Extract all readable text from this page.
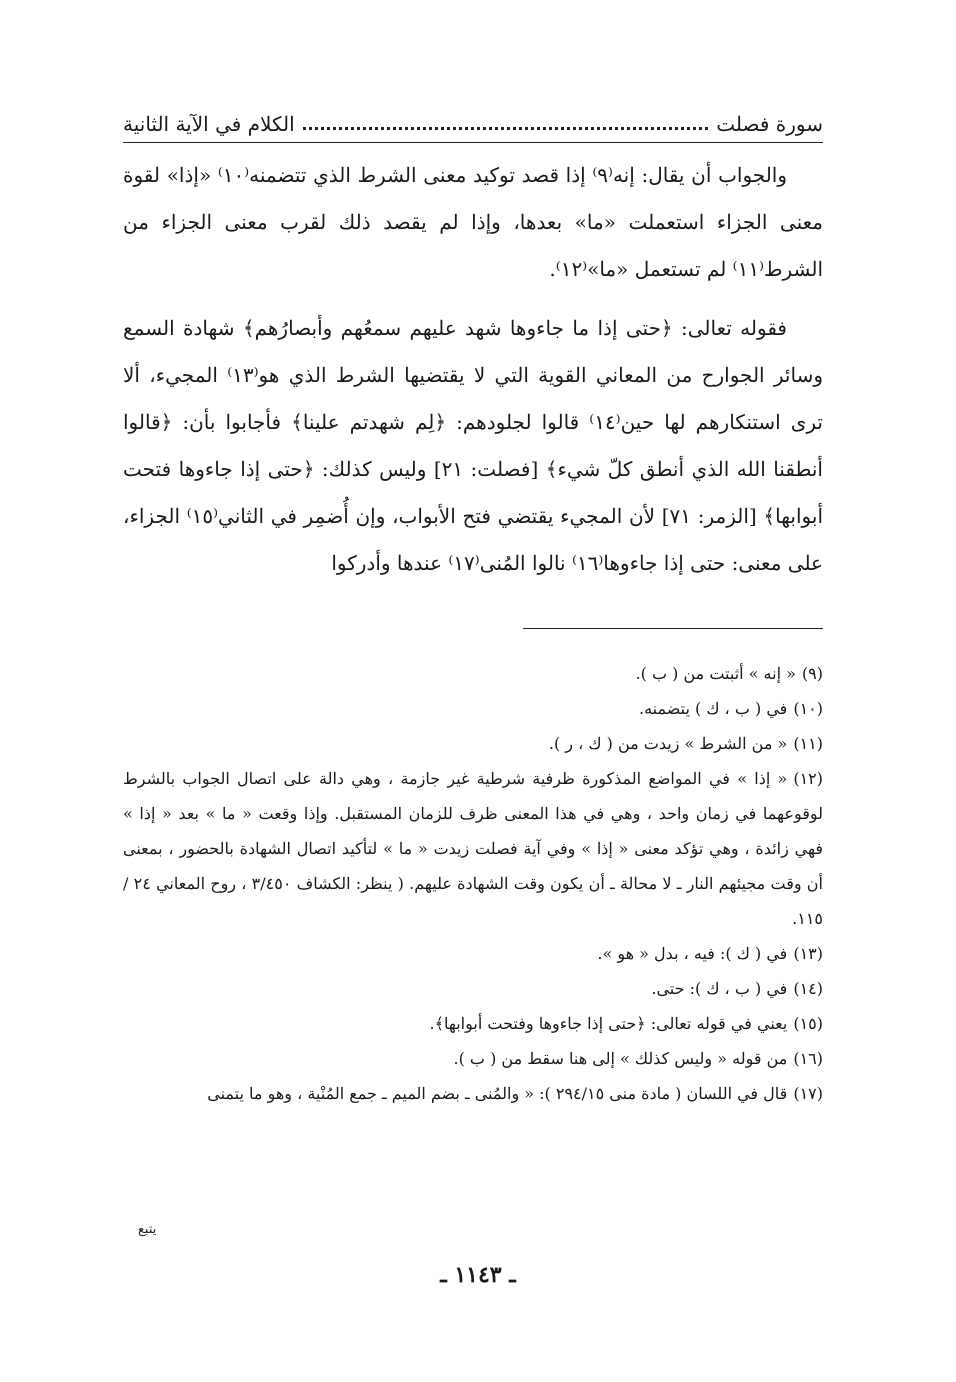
سورة فصلت
الكلام في الآية الثانية

والجواب أن يقال: إنه⁽٩⁾ إذا قصد توكيد معنى الشرط الذي تتضمنه⁽١٠⁾ «إذا» لقوة معنى الجزاء استعملت «ما» بعدها، وإذا لم يقصد ذلك لقرب معنى الجزاء من الشرط⁽١١⁾ لم تستعمل «ما»⁽١٢⁾.

فقوله تعالى: ﴿حتى إذا ما جاءوها شهد عليهم سمعُهم وأبصارُهم﴾ شهادة السمع وسائر الجوارح من المعاني القوية التي لا يقتضيها الشرط الذي هو⁽١٣⁾ المجيء، ألا ترى استنكارهم لها حين⁽١٤⁾ قالوا لجلودهم: ﴿لِم شهدتم علينا﴾ فأجابوا بأن: ﴿قالوا أنطقنا الله الذي أنطق كلّ شيء﴾ [فصلت: ٢١] وليس كذلك: ﴿حتى إذا جاءوها فتحت أبوابها﴾ [الزمر: ٧١] لأن المجيء يقتضي فتح الأبواب، وإن أُضمِر في الثاني⁽١٥⁾ الجزاء، على معنى: حتى إذا جاءوها⁽١٦⁾ نالوا المُنى⁽١٧⁾ عندها وأدركوا

(٩)« إنه » أثبتت من ( ب ).
(١٠)في ( ب ، ك ) يتضمنه.
(١١)« من الشرط » زيدت من ( ك ، ر ).
(١٢)« إذا » في المواضع المذكورة ظرفية شرطية غير جازمة ، وهي دالة على اتصال الجواب بالشرط لوقوعهما في زمان واحد ، وهي في هذا المعنى ظرف للزمان المستقبل. وإذا وقعت « ما » بعد « إذا » فهي زائدة ، وهي تؤكد معنى « إذا » وفي آية فصلت زيدت « ما » لتأكيد اتصال الشهادة بالحضور ، بمعنى أن وقت مجيئهم النار ـ لا محالة ـ أن يكون وقت الشهادة عليهم. ( ينظر: الكشاف ٣/٤٥٠ ، روح المعاني ٢٤ /١١٥.
(١٣)في ( ك ): فيه ، بدل « هو ».
(١٤)في ( ب ، ك ): حتى.
(١٥)يعني في قوله تعالى: ﴿حتى إذا جاءوها وفتحت أبوابها﴾.
(١٦)من قوله « وليس كذلك » إلى هنا سقط من ( ب ).
(١٧)قال في اللسان ( مادة منى ٢٩٤/١٥ ): « والمُنى ـ بضم الميم ـ جمع المُنْية ، وهو ما يتمنى
يتبع
ـ ١١٤٣ ـ
